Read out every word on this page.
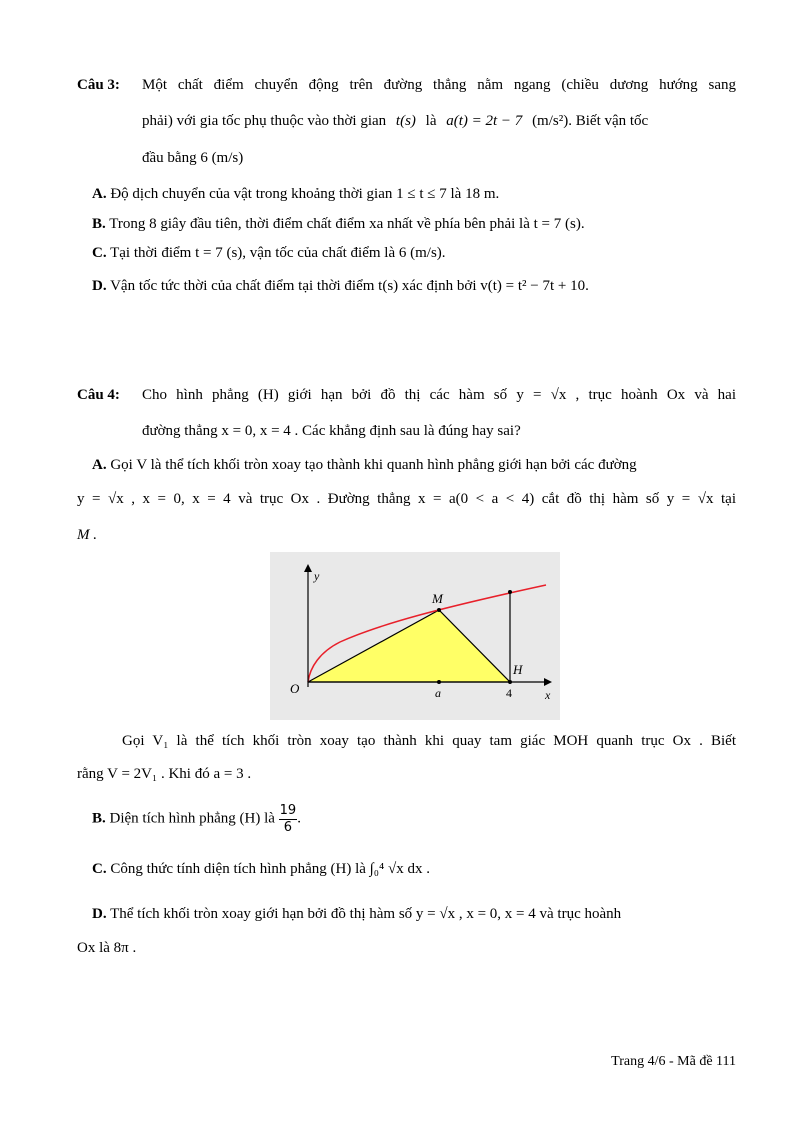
Câu 3: Một chất điểm chuyển động trên đường thẳng nằm ngang (chiều dương hướng sang
phải) với gia tốc phụ thuộc vào thời gian t(s) là a(t) = 2t − 7 (m/s²). Biết vận tốc
đầu bằng 6 (m/s)
A. Độ dịch chuyển của vật trong khoảng thời gian 1 ≤ t ≤ 7 là 18 m.
B. Trong 8 giây đầu tiên, thời điểm chất điểm xa nhất về phía bên phải là t = 7 (s).
C. Tại thời điểm t = 7 (s), vận tốc của chất điểm là 6 (m/s).
D. Vận tốc tức thời của chất điểm tại thời điểm t(s) xác định bởi v(t) = t² − 7t + 10.
Câu 4: Cho hình phẳng (H) giới hạn bởi đồ thị các hàm số y = √x , trục hoành Ox và hai
đường thẳng x = 0, x = 4 . Các khẳng định sau là đúng hay sai?
A. Gọi V là thể tích khối tròn xoay tạo thành khi quanh hình phẳng giới hạn bởi các đường
y = √x , x = 0, x = 4 và trục Ox . Đường thẳng x = a(0 < a < 4) cắt đồ thị hàm số y = √x tại
M .
y
x
O	a	4
M
H
Gọi V₁ là thể tích khối tròn xoay tạo thành khi quay tam giác MOH quanh trục Ox . Biết
rằng V = 2V₁ . Khi đó a = 3 .
B. Diện tích hình phẳng (H) là $\frac{19}{6}$ .
C. Công thức tính diện tích hình phẳng (H) là ∫₀⁴ √x dx .
D. Thể tích khối tròn xoay giới hạn bởi đồ thị hàm số y = √x , x = 0, x = 4 và trục hoành
Ox là 8π .
Trang 4/6 - Mã đề 111
